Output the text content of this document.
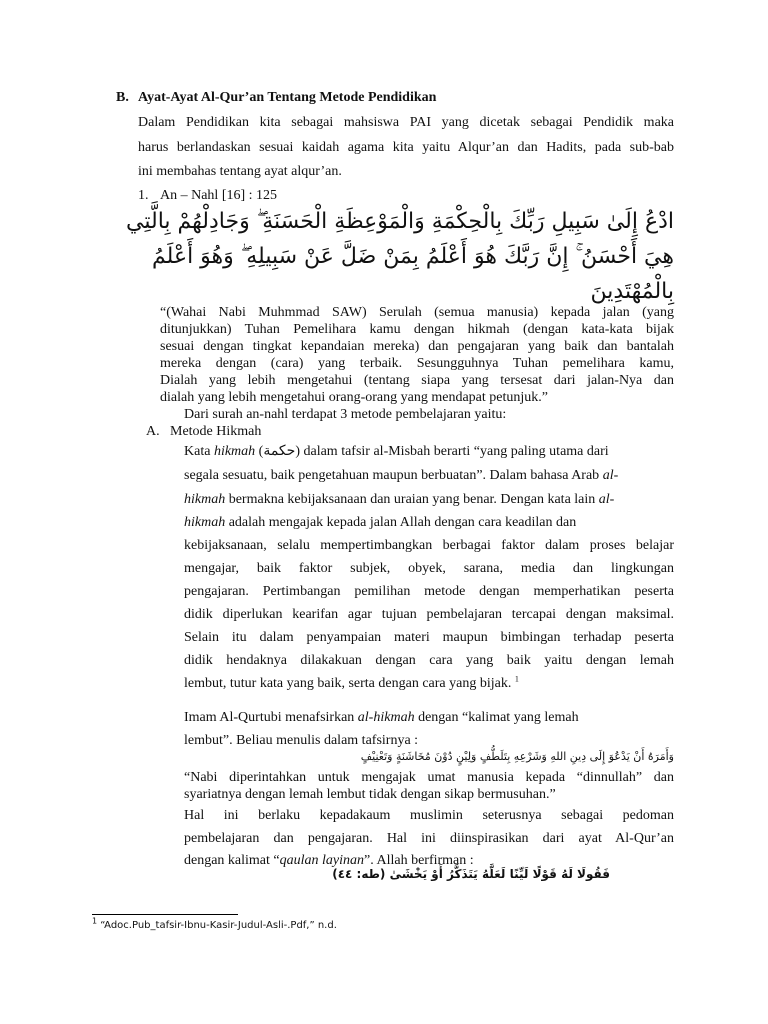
B. Ayat-Ayat Al-Qur’an Tentang Metode Pendidikan
Dalam Pendidikan kita sebagai mahsiswa PAI yang dicetak sebagai Pendidik maka
harus berlandaskan sesuai kaidah agama kita yaitu Alqur’an dan Hadits, pada sub-bab
ini membahas tentang ayat alqur’an.
1. An – Nahl [16] : 125
ادْعُ إِلَىٰ سَبِيلِ رَبِّكَ بِالْحِكْمَةِ وَالْمَوْعِظَةِ الْحَسَنَةِ ۖ وَجَادِلْهُمْ بِالَّتِي
هِيَ أَحْسَنُ ۚ إِنَّ رَبَّكَ هُوَ أَعْلَمُ بِمَنْ ضَلَّ عَنْ سَبِيلِهِ ۖ وَهُوَ أَعْلَمُ
بِالْمُهْتَدِينَ
“(Wahai Nabi Muhmmad SAW) Serulah (semua manusia) kepada jalan (yang
ditunjukkan) Tuhan Pemelihara kamu dengan hikmah (dengan kata-kata bijak
sesuai dengan tingkat kepandaian mereka) dan pengajaran yang baik dan bantalah
mereka dengan (cara) yang terbaik. Sesungguhnya Tuhan pemelihara kamu,
Dialah yang lebih mengetahui (tentang siapa yang tersesat dari jalan-Nya dan
dialah yang lebih mengetahui orang-orang yang mendapat petunjuk.”
Dari surah an-nahl terdapat 3 metode pembelajaran yaitu:
A. Metode Hikmah
Kata hikmah (حكمة) dalam tafsir al-Misbah berarti “yang paling utama dari
segala sesuatu, baik pengetahuan maupun berbuatan”. Dalam bahasa Arab al-
hikmah bermakna kebijaksanaan dan uraian yang benar. Dengan kata lain al-
hikmah adalah mengajak kepada jalan Allah dengan cara keadilan dan
kebijaksanaan, selalu mempertimbangkan berbagai faktor dalam proses belajar
mengajar, baik faktor subjek, obyek, sarana, media dan lingkungan
pengajaran. Pertimbangan pemilihan metode dengan memperhatikan peserta
didik diperlukan kearifan agar tujuan pembelajaran tercapai dengan maksimal.
Selain itu dalam penyampaian materi maupun bimbingan terhadap peserta
didik hendaknya dilakakuan dengan cara yang baik yaitu dengan lemah
lembut, tutur kata yang baik, serta dengan cara yang bijak. $^1$
Imam Al-Qurtubi menafsirkan al-hikmah dengan “kalimat yang lemah
lembut”. Beliau menulis dalam tafsirnya :
وَأَمَرَهُ أَنْ يَدْعُوَ إِلَى دِينِ اللهِ وَشَرْعِهِ بِتَلَطُّفٍ وَلِيْنٍ دُوْنَ مُخَاشَنَةٍ وَتَعْنِيْفٍ
“Nabi diperintahkan untuk mengajak umat manusia kepada “dinnullah” dan
syariatnya dengan lemah lembut tidak dengan sikap bermusuhan.”
Hal ini berlaku kepadakaum muslimin seterusnya sebagai pedoman
pembelajaran dan pengajaran. Hal ini diinspirasikan dari ayat Al-Qur’an
dengan kalimat “qaulan layinan”. Allah berfirman :
فَقُولَا لَهُ قَوْلًا لَيِّنًا لَعَلَّهُ يَتَذَكَّرُ أَوْ يَخْشَىٰ (طه: ٤٤)
$^1$ “Adoc.Pub_tafsir-Ibnu-Kasir-Judul-Asli-.Pdf,” n.d.
